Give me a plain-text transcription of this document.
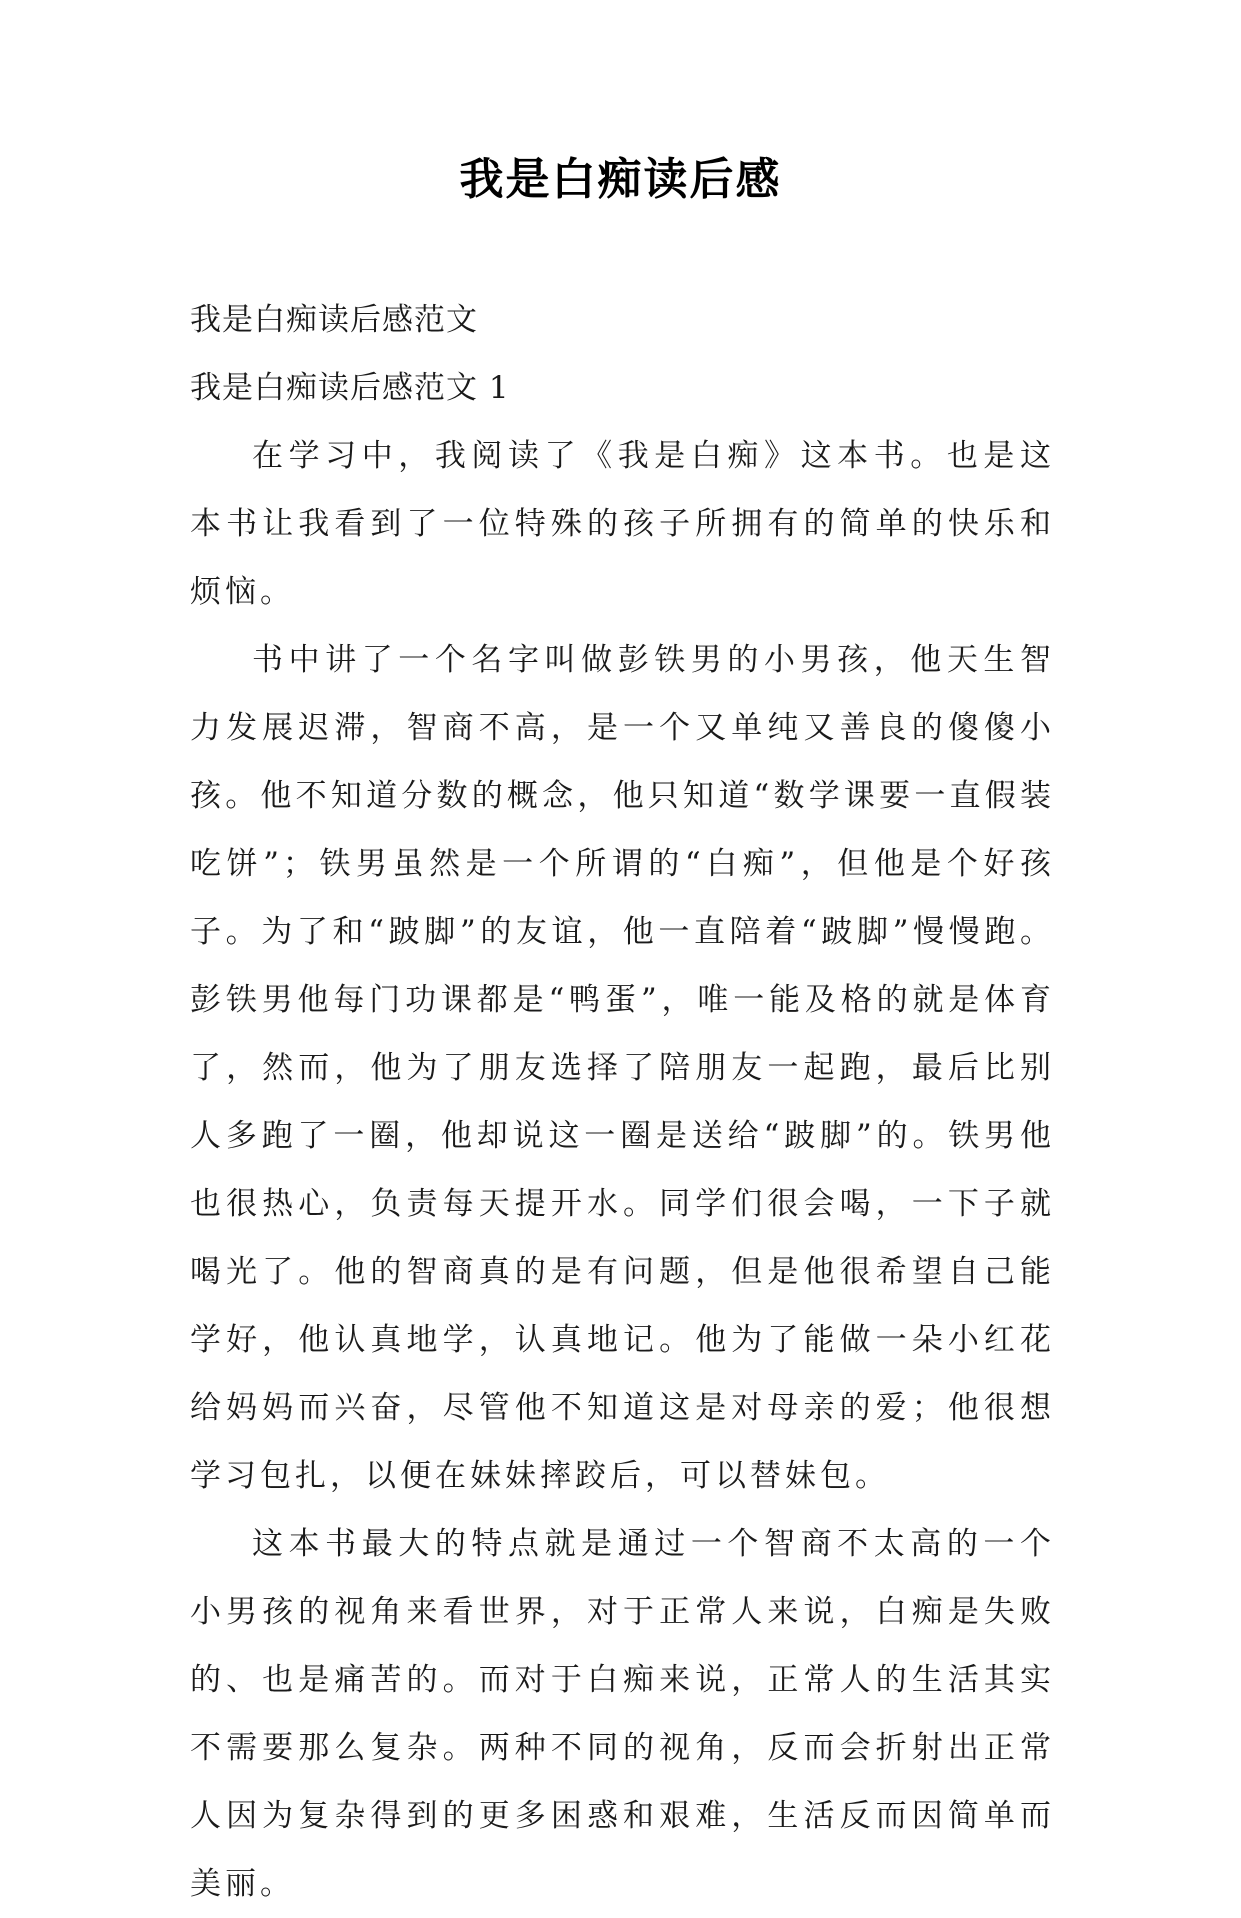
我是白痴读后感

我是白痴读后感范文

我是白痴读后感范文 1

在学习中，我阅读了《我是白痴》这本书。也是这本书让我看到了一位特殊的孩子所拥有的简单的快乐和烦恼。

书中讲了一个名字叫做彭铁男的小男孩，他天生智力发展迟滞，智商不高，是一个又单纯又善良的傻傻小孩。他不知道分数的概念，他只知道“数学课要一直假装吃饼”；铁男虽然是一个所谓的“白痴”，但他是个好孩子。为了和“跛脚”的友谊，他一直陪着“跛脚”慢慢跑。彭铁男他每门功课都是“鸭蛋”，唯一能及格的就是体育了，然而，他为了朋友选择了陪朋友一起跑，最后比别人多跑了一圈，他却说这一圈是送给“跛脚”的。铁男他也很热心，负责每天提开水。同学们很会喝，一下子就喝光了。他的智商真的是有问题，但是他很希望自己能学好，他认真地学，认真地记。他为了能做一朵小红花给妈妈而兴奋，尽管他不知道这是对母亲的爱；他很想学习包扎，以便在妹妹摔跤后，可以替妹包。

这本书最大的特点就是通过一个智商不太高的一个小男孩的视角来看世界，对于正常人来说，白痴是失败的、也是痛苦的。而对于白痴来说，正常人的生活其实不需要那么复杂。两种不同的视角，反而会折射出正常人因为复杂得到的更多困惑和艰难，生活反而因简单而美丽。
